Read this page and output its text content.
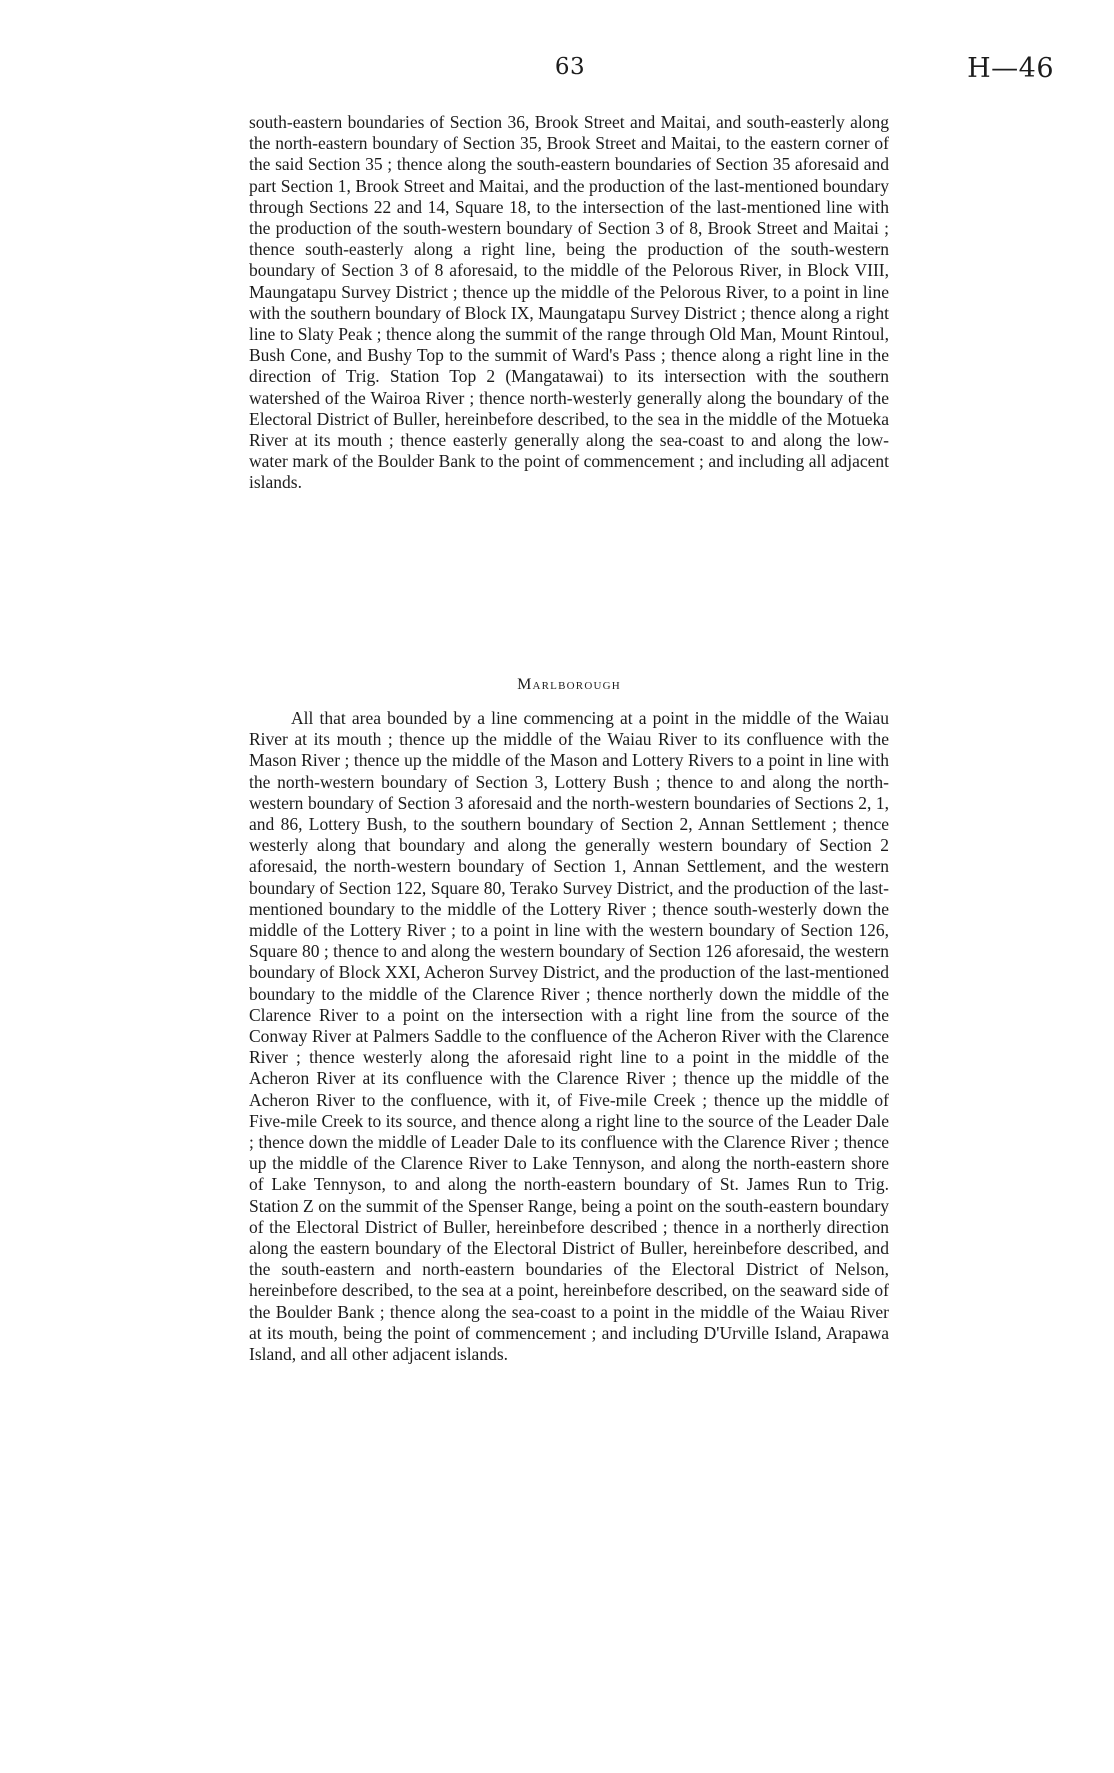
63	H—46

south-eastern boundaries of Section 36, Brook Street and Maitai, and south-easterly along the north-eastern boundary of Section 35, Brook Street and Maitai, to the eastern corner of the said Section 35 ; thence along the south-eastern boundaries of Section 35 aforesaid and part Section 1, Brook Street and Maitai, and the production of the last-mentioned boundary through Sections 22 and 14, Square 18, to the intersection of the last-mentioned line with the production of the south-western boundary of Section 3 of 8, Brook Street and Maitai ; thence south-easterly along a right line, being the production of the south-western boundary of Section 3 of 8 aforesaid, to the middle of the Pelorous River, in Block VIII, Maungatapu Survey District ; thence up the middle of the Pelorous River, to a point in line with the southern boundary of Block IX, Maungatapu Survey District ; thence along a right line to Slaty Peak ; thence along the summit of the range through Old Man, Mount Rintoul, Bush Cone, and Bushy Top to the summit of Ward's Pass ; thence along a right line in the direction of Trig. Station Top 2 (Mangatawai) to its intersection with the southern watershed of the Wairoa River ; thence north-westerly generally along the boundary of the Electoral District of Buller, hereinbefore described, to the sea in the middle of the Motueka River at its mouth ; thence easterly generally along the sea-coast to and along the low-water mark of the Boulder Bank to the point of commencement ; and including all adjacent islands.

Marlborough

All that area bounded by a line commencing at a point in the middle of the Waiau River at its mouth ; thence up the middle of the Waiau River to its confluence with the Mason River ; thence up the middle of the Mason and Lottery Rivers to a point in line with the north-western boundary of Section 3, Lottery Bush ; thence to and along the north-western boundary of Section 3 aforesaid and the north-western boundaries of Sections 2, 1, and 86, Lottery Bush, to the southern boundary of Section 2, Annan Settlement ; thence westerly along that boundary and along the generally western boundary of Section 2 aforesaid, the north-western boundary of Section 1, Annan Settlement, and the western boundary of Section 122, Square 80, Terako Survey District, and the production of the last-mentioned boundary to the middle of the Lottery River ; thence south-westerly down the middle of the Lottery River ; to a point in line with the western boundary of Section 126, Square 80 ; thence to and along the western boundary of Section 126 aforesaid, the western boundary of Block XXI, Acheron Survey District, and the production of the last-mentioned boundary to the middle of the Clarence River ; thence northerly down the middle of the Clarence River to a point on the intersection with a right line from the source of the Conway River at Palmers Saddle to the confluence of the Acheron River with the Clarence River ; thence westerly along the aforesaid right line to a point in the middle of the Acheron River at its confluence with the Clarence River ; thence up the middle of the Acheron River to the confluence, with it, of Five-mile Creek ; thence up the middle of Five-mile Creek to its source, and thence along a right line to the source of the Leader Dale ; thence down the middle of Leader Dale to its confluence with the Clarence River ; thence up the middle of the Clarence River to Lake Tennyson, and along the north-eastern shore of Lake Tennyson, to and along the north-eastern boundary of St. James Run to Trig. Station Z on the summit of the Spenser Range, being a point on the south-eastern boundary of the Electoral District of Buller, hereinbefore described ; thence in a northerly direction along the eastern boundary of the Electoral District of Buller, hereinbefore described, and the south-eastern and north-eastern boundaries of the Electoral District of Nelson, hereinbefore described, to the sea at a point, hereinbefore described, on the seaward side of the Boulder Bank ; thence along the sea-coast to a point in the middle of the Waiau River at its mouth, being the point of commencement ; and including D'Urville Island, Arapawa Island, and all other adjacent islands.
